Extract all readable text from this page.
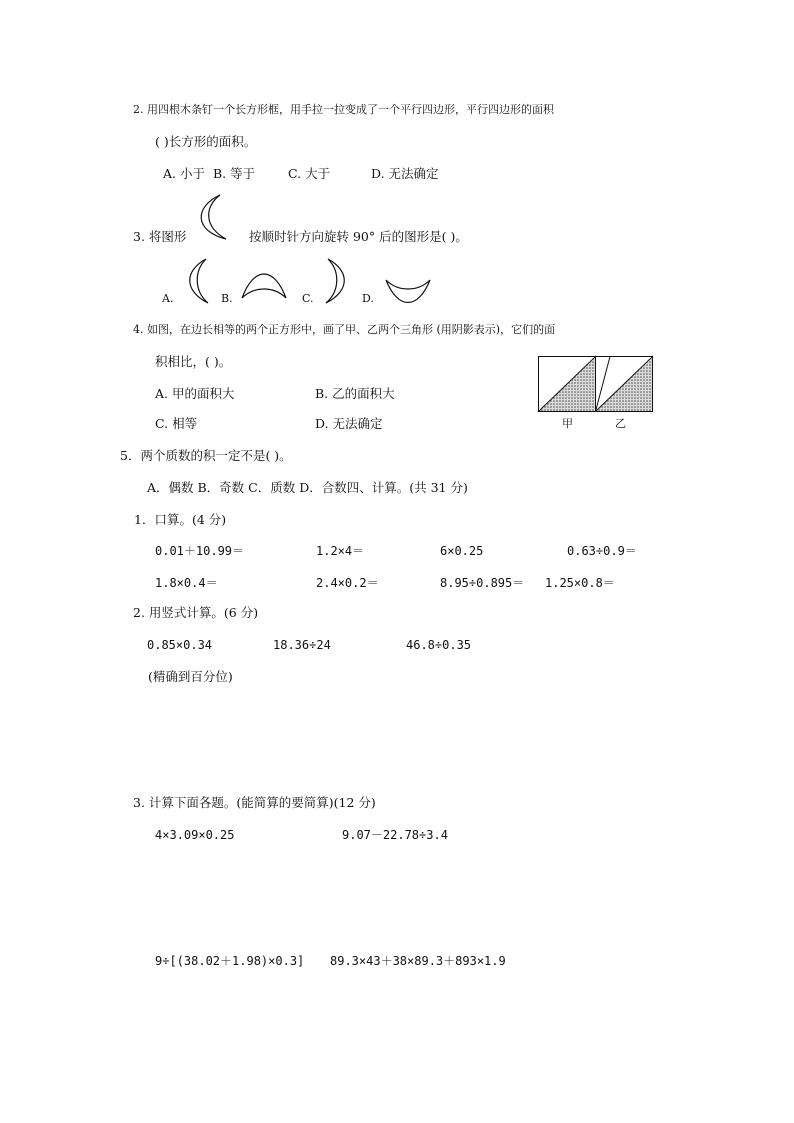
2. 用四根木条钉一个长方形框，用手拉一拉变成了一个平行四边形，平行四边形的面积
( )长方形的面积。
A. 小于 B. 等于	C. 大于	D. 无法确定
3. 将图形	按顺时针方向旋转 90° 后的图形是( )。
A.	B.	C.	D.
4. 如图，在边长相等的两个正方形中，画了甲、乙两个三角形 (用阴影表示)，它们的面
积相比，( )。
A. 甲的面积大	B. 乙的面积大
C. 相等	D. 无法确定	甲	乙
5．两个质数的积一定不是( )。
A．偶数 B．奇数 C．质数 D．合数四、计算。(共 31 分)
1．口算。(4 分)
0.01＋10.99＝	1.2×4＝	6×0.25	0.63÷0.9＝
1.8×0.4＝	2.4×0.2＝	8.95÷0.895＝ 1.25×0.8＝
2. 用竖式计算。(6 分)
0.85×0.34	18.36÷24	46.8÷0.35
(精确到百分位)
3. 计算下面各题。(能简算的要简算)(12 分)
4×3.09×0.25	9.07－22.78÷3.4
9÷[(38.02＋1.98)×0.3] 89.3×43＋38×89.3＋893×1.9
